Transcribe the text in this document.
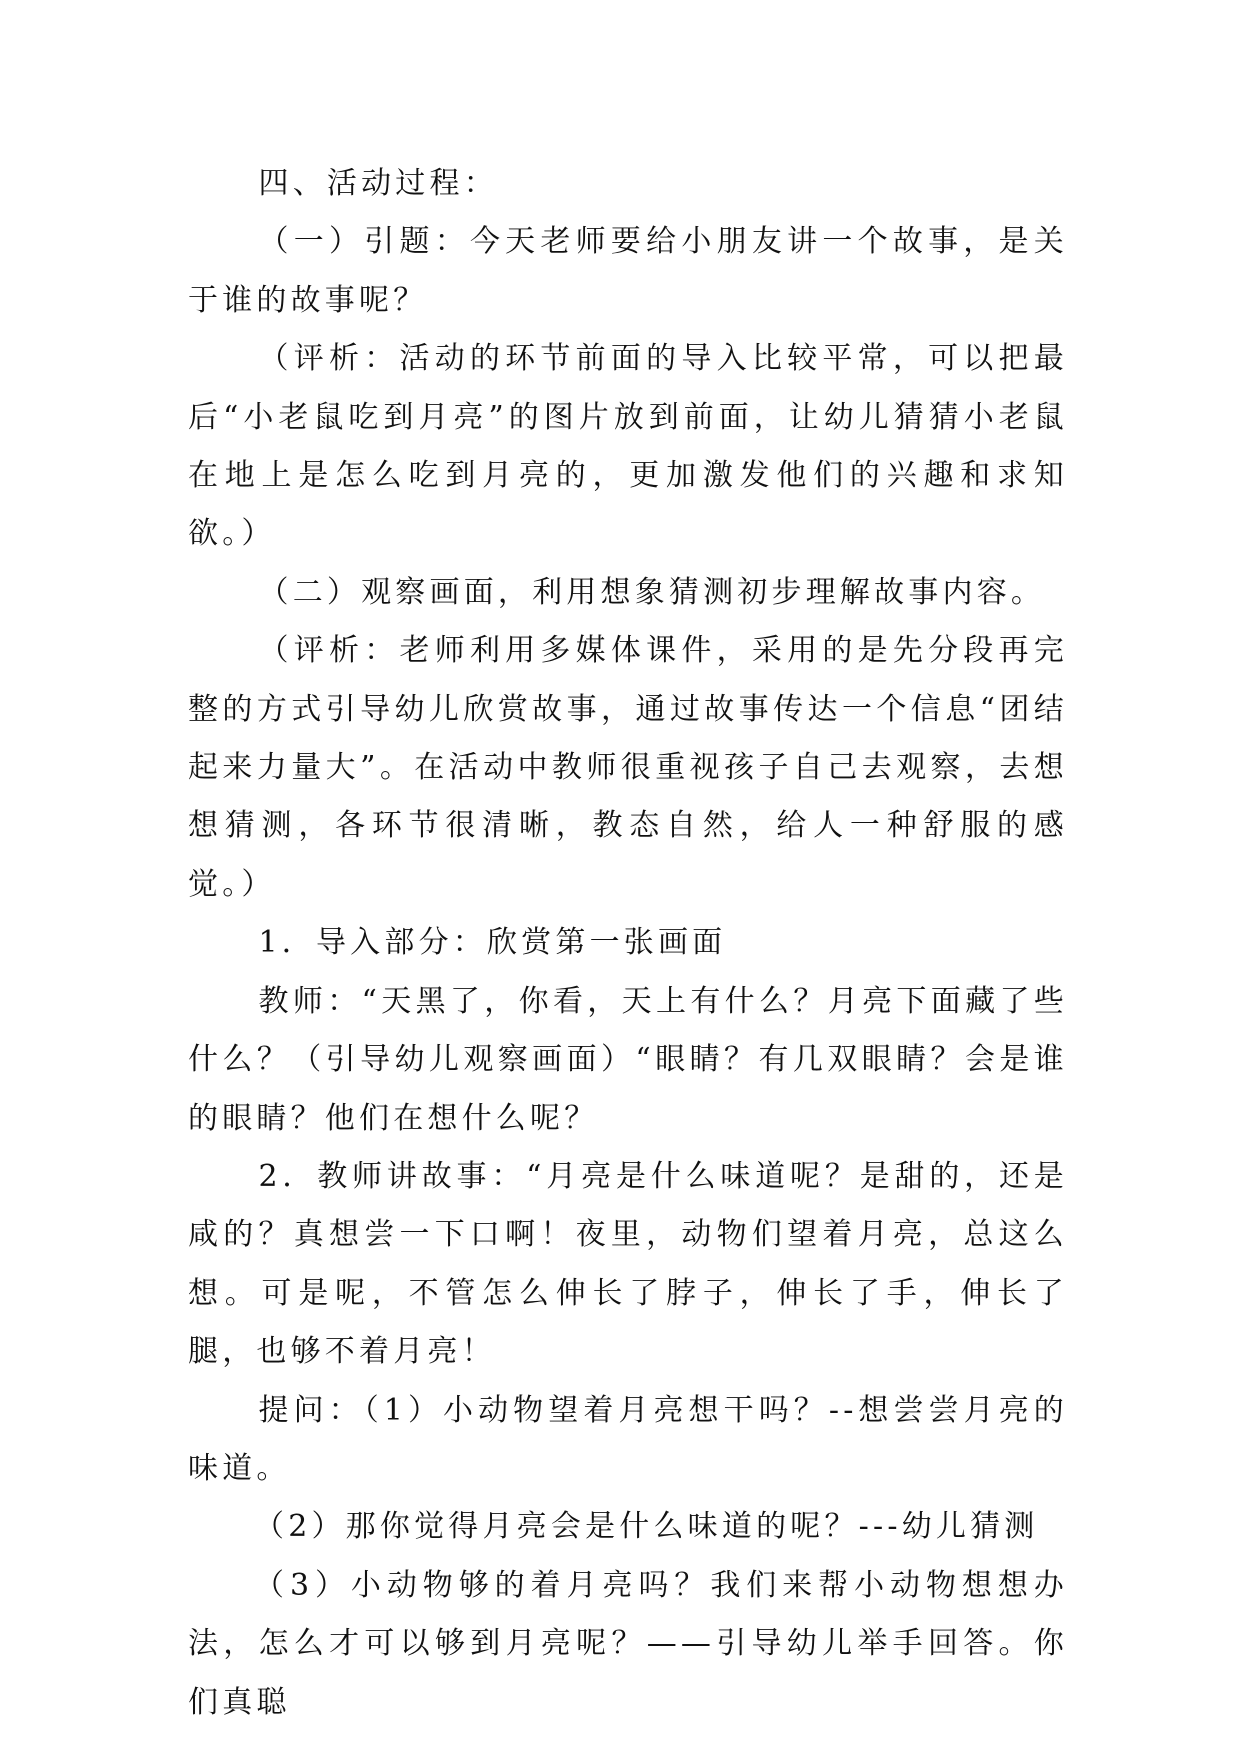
四、活动过程：

（一）引题：今天老师要给小朋友讲一个故事，是关于谁的故事呢？

（评析：活动的环节前面的导入比较平常，可以把最后“小老鼠吃到月亮”的图片放到前面，让幼儿猜猜小老鼠在地上是怎么吃到月亮的，更加激发他们的兴趣和求知欲。）

（二）观察画面，利用想象猜测初步理解故事内容。

（评析：老师利用多媒体课件，采用的是先分段再完整的方式引导幼儿欣赏故事，通过故事传达一个信息“团结起来力量大”。在活动中教师很重视孩子自己去观察，去想想猜测，各环节很清晰，教态自然，给人一种舒服的感觉。）

1．导入部分：欣赏第一张画面

教师：“天黑了，你看，天上有什么？月亮下面藏了些什么？（引导幼儿观察画面）“眼睛？有几双眼睛？会是谁的眼睛？他们在想什么呢？

2．教师讲故事：“月亮是什么味道呢？是甜的，还是咸的？真想尝一下口啊！夜里，动物们望着月亮，总这么想。可是呢，不管怎么伸长了脖子，伸长了手，伸长了腿，也够不着月亮！

提问：（1）小动物望着月亮想干吗？--想尝尝月亮的味道。

（2）那你觉得月亮会是什么味道的呢？---幼儿猜测

（3）小动物够的着月亮吗？我们来帮小动物想想办法，怎么才可以够到月亮呢？——引导幼儿举手回答。你们真聪
